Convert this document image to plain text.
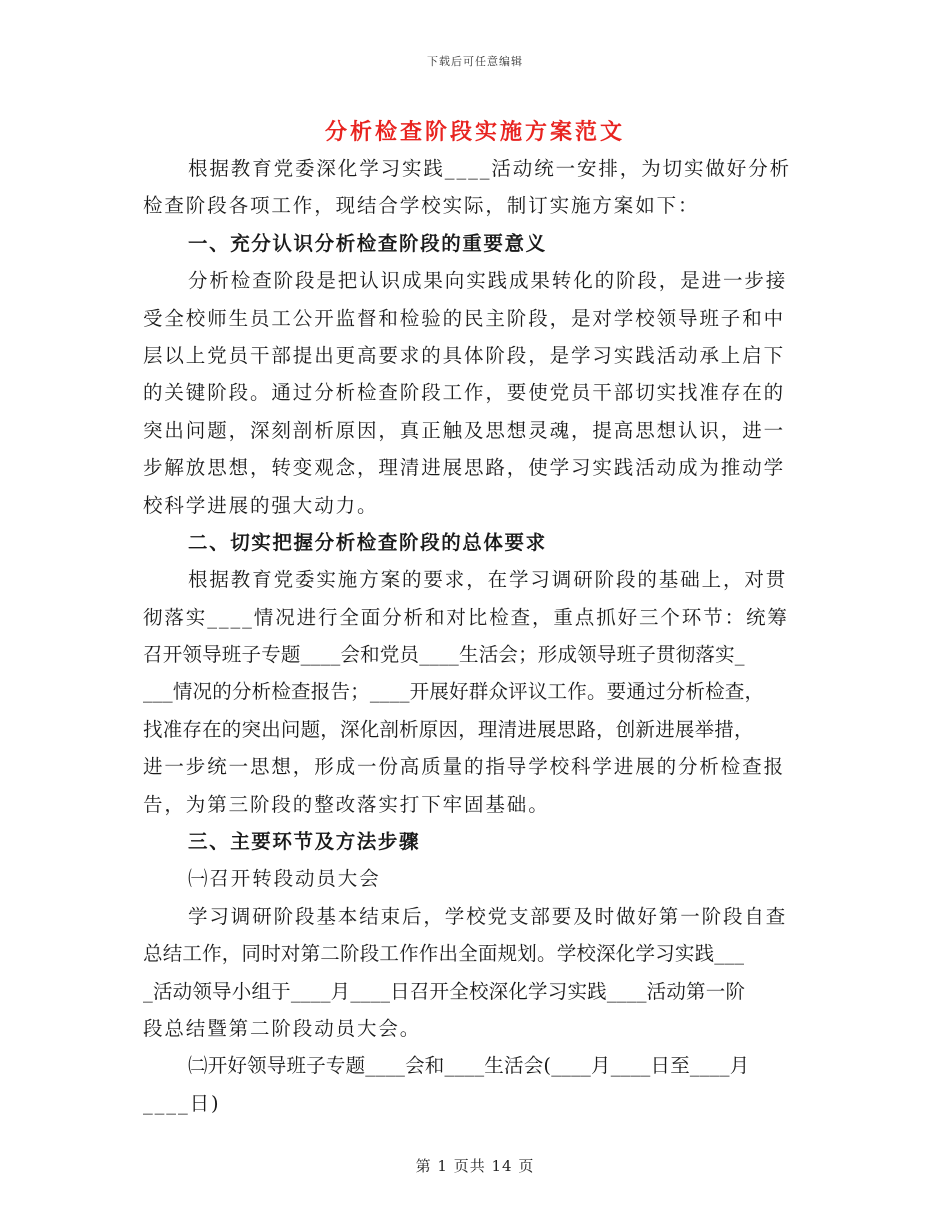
下载后可任意编辑
分析检查阶段实施方案范文
根据教育党委深化学习实践____活动统一安排，为切实做好分析
检查阶段各项工作，现结合学校实际，制订实施方案如下：
一、充分认识分析检查阶段的重要意义
分析检查阶段是把认识成果向实践成果转化的阶段，是进一步接
受全校师生员工公开监督和检验的民主阶段，是对学校领导班子和中
层以上党员干部提出更高要求的具体阶段，是学习实践活动承上启下
的关键阶段。通过分析检查阶段工作，要使党员干部切实找准存在的
突出问题，深刻剖析原因，真正触及思想灵魂，提高思想认识，进一
步解放思想，转变观念，理清进展思路，使学习实践活动成为推动学
校科学进展的强大动力。
二、切实把握分析检查阶段的总体要求
根据教育党委实施方案的要求，在学习调研阶段的基础上，对贯
彻落实____情况进行全面分析和对比检查，重点抓好三个环节：统筹
召开领导班子专题____会和党员____生活会；形成领导班子贯彻落实_
___情况的分析检查报告；____开展好群众评议工作。要通过分析检查，
找准存在的突出问题，深化剖析原因，理清进展思路，创新进展举措，
进一步统一思想，形成一份高质量的指导学校科学进展的分析检查报
告，为第三阶段的整改落实打下牢固基础。
三、主要环节及方法步骤
㈠召开转段动员大会
学习调研阶段基本结束后，学校党支部要及时做好第一阶段自查
总结工作，同时对第二阶段工作作出全面规划。学校深化学习实践___
_活动领导小组于____月____日召开全校深化学习实践____活动第一阶
段总结暨第二阶段动员大会。
㈡开好领导班子专题____会和____生活会(____月____日至____月
____日)
第 1 页共 14 页
